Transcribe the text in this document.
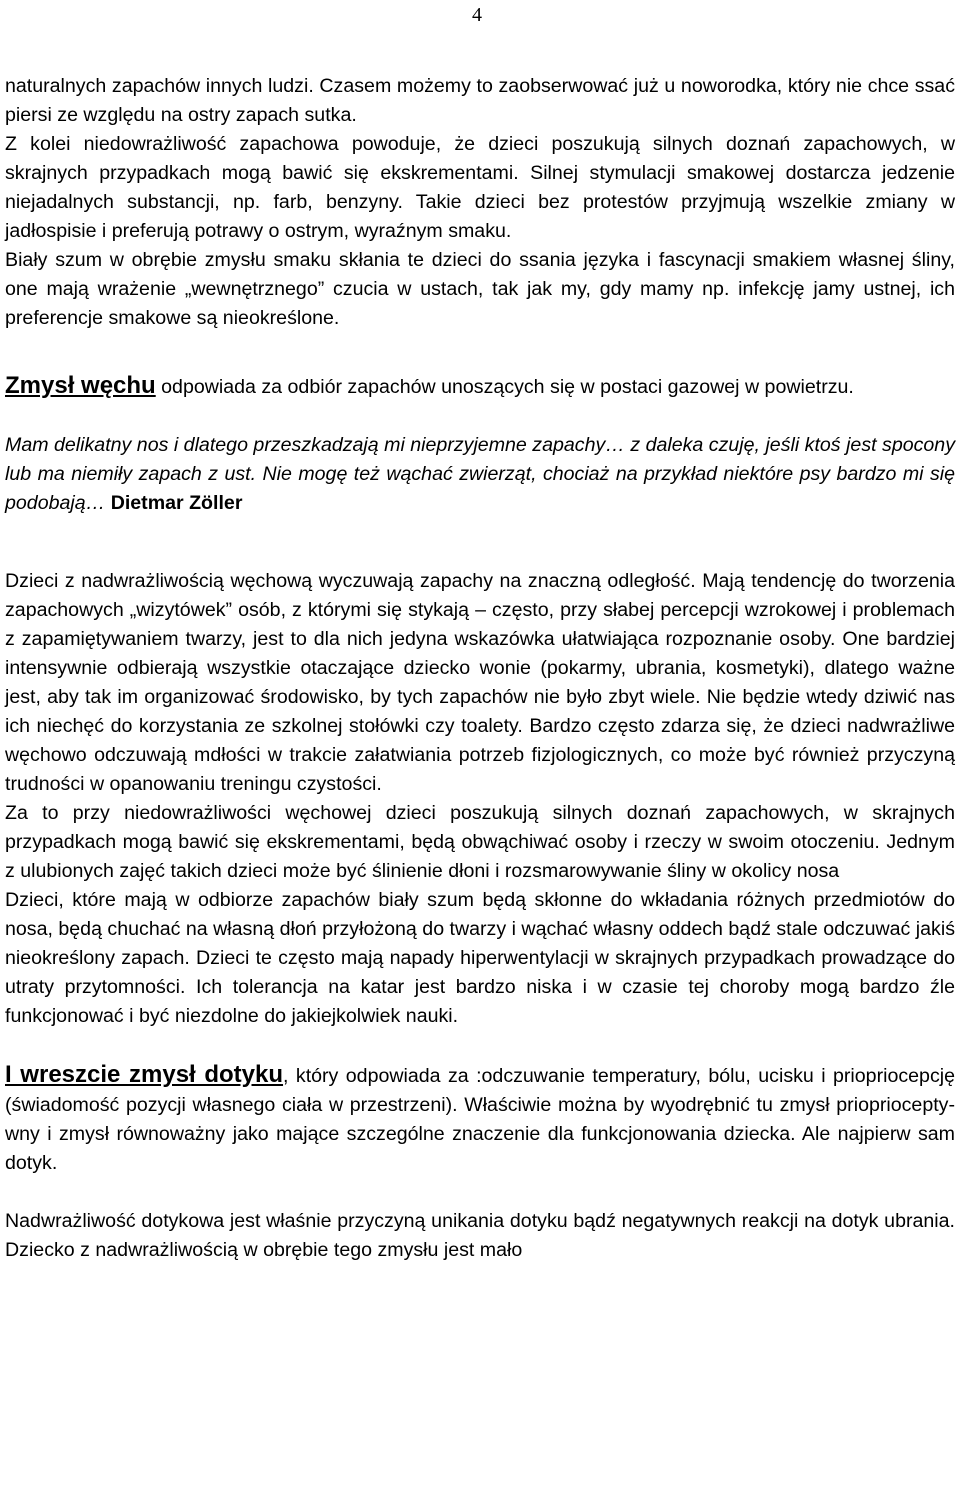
4

naturalnych zapachów innych ludzi. Czasem możemy to zaobserwować już u noworodka, który nie chce ssać piersi ze względu na ostry zapach sutka.

Z kolei niedowrażliwość zapachowa powoduje, że dzieci poszukują silnych doznań zapachowych, w skrajnych przypadkach mogą bawić się ekskrementami. Silnej stymulacji smakowej dostarcza jedzenie niejadalnych substancji, np. farb, benzyny. Takie dzieci bez protestów przyjmują wszelkie zmiany w jadłospisie i preferują potrawy o ostrym, wyraźnym smaku.

Biały szum w obrębie zmysłu smaku skłania te dzieci do ssania języka i fascynacji smakiem własnej śliny, one mają wrażenie „wewnętrznego” czucia w ustach, tak jak my, gdy mamy np. infekcję jamy ustnej, ich preferencje smakowe są nieokreślone.

Zmysł węchu odpowiada za odbiór zapachów unoszących się w postaci gazowej w powietrzu.

Mam delikatny nos i dlatego przeszkadzają mi nieprzyjemne zapachy… z daleka czuję, jeśli ktoś jest spocony lub ma niemiły zapach z ust. Nie mogę też wąchać zwierząt, chociaż na przykład niektóre psy bardzo mi się podobają… Dietmar Zöller

Dzieci z nadwrażliwością węchową wyczuwają zapachy na znaczną odległość. Mają tendencję do tworzenia zapachowych „wizytówek” osób, z którymi się stykają – często, przy słabej percepcji wzrokowej i problemach z zapamiętywaniem twarzy, jest to dla nich jedyna wskazówka ułatwiająca rozpoznanie osoby. One bardziej intensywnie odbierają wszystkie otaczające dziecko wonie (pokarmy, ubrania, kosmetyki), dlatego ważne jest, aby tak im organizować środowisko, by tych zapachów nie było zbyt wiele. Nie będzie wtedy dziwić nas ich niechęć do korzystania ze szkolnej stołówki czy toalety. Bardzo często zdarza się, że dzieci nadwrażliwe węchowo odczuwają mdłości w trakcie załatwiania potrzeb fizjologicznych, co może być również przyczyną trudności w opanowaniu treningu czystości.

Za to przy niedowrażliwości węchowej dzieci poszukują silnych doznań zapachowych, w skrajnych przypadkach mogą bawić się ekskrementami, będą obwąchiwać osoby i rzeczy w swoim otoczeniu. Jednym z ulubionych zajęć takich dzieci może być ślinienie dłoni i rozsmarowywanie śliny w okolicy nosa

Dzieci, które mają w odbiorze zapachów biały szum będą skłonne do wkładania różnych przedmiotów do nosa, będą chuchać na własną dłoń przyłożoną do twarzy i wąchać własny oddech bądź stale odczuwać jakiś nieokreślony zapach. Dzieci te często mają napady hiperwentylacji w skrajnych przypadkach prowadzące do utraty przytomności. Ich tolerancja na katar jest bardzo niska i w czasie tej choroby mogą bardzo źle funkcjonować i być niezdolne do jakiejkolwiek nauki.

I wreszcie zmysł dotyku, który odpowiada za :odczuwanie temperatury, bólu, ucisku i priopriocepcję (świadomość pozycji własnego ciała w przestrzeni). Właściwie można by wyodrębnić tu zmysł prioprioceptywny i zmysł równoważny jako mające szczególne znaczenie dla funkcjonowania dziecka. Ale najpierw sam dotyk.

Nadwrażliwość dotykowa jest właśnie przyczyną unikania dotyku bądź negatywnych reakcji na dotyk ubrania. Dziecko z nadwrażliwością w obrębie tego zmysłu jest mało
